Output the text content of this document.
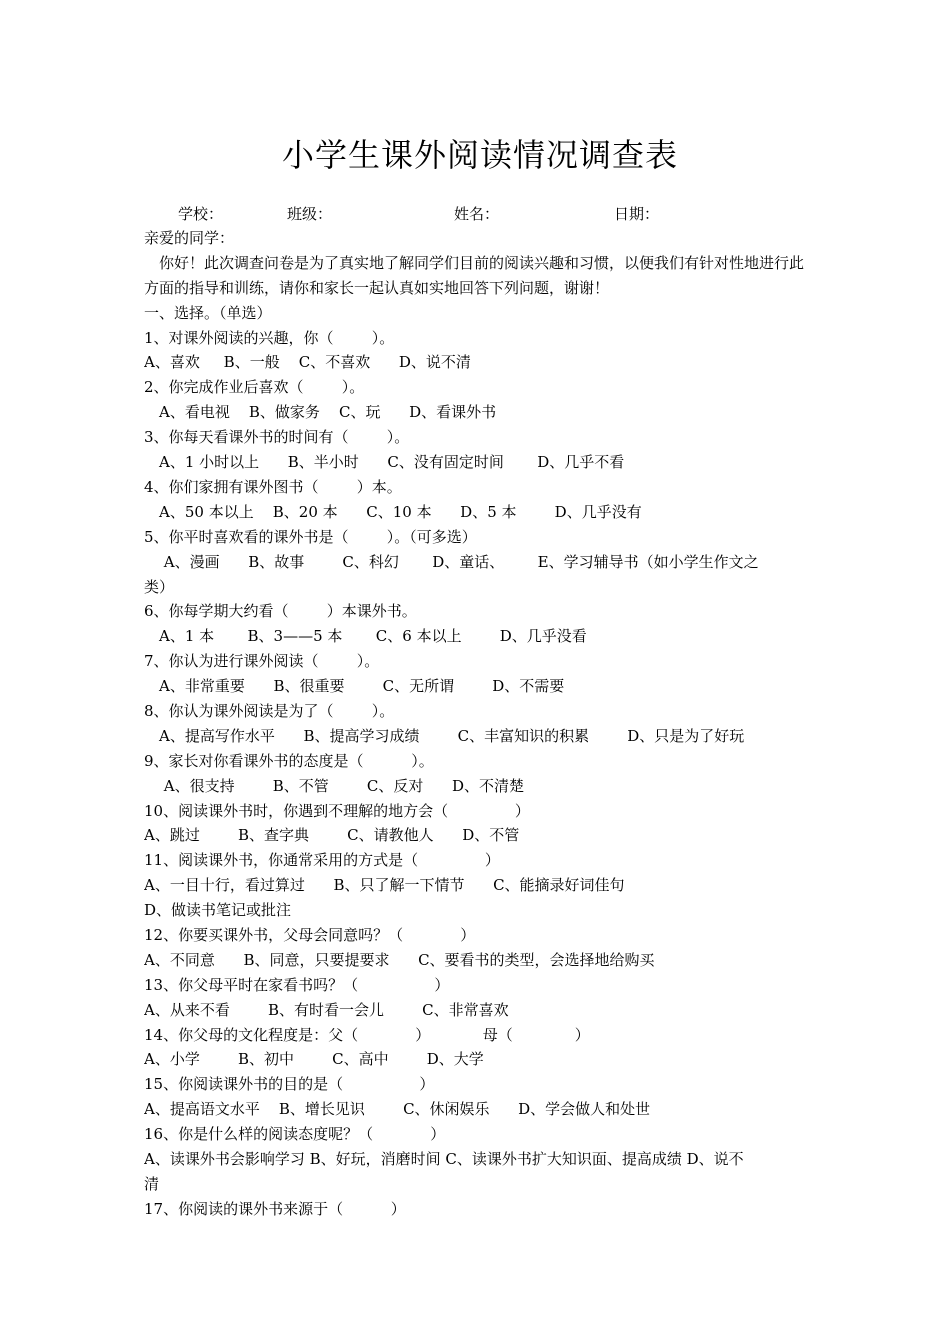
小学生课外阅读情况调查表
学校：	班级：	姓名：	日期：
亲爱的同学：
你好！此次调查问卷是为了真实地了解同学们目前的阅读兴趣和习惯，以便我们有针对性地进行此方面的指导和训练，请你和家长一起认真如实地回答下列问题，谢谢！
一、选择。（单选）
1、对课外阅读的兴趣，你（        ）。
A、喜欢     B、一般    C、不喜欢      D、说不清
2、你完成作业后喜欢（        ）。
A、看电视    B、做家务    C、玩      D、看课外书
3、你每天看课外书的时间有（        ）。
A、1 小时以上      B、半小时      C、没有固定时间       D、几乎不看
4、你们家拥有课外图书（        ）本。
A、50 本以上    B、20 本      C、10 本      D、5 本        D、几乎没有
5、你平时喜欢看的课外书是（        ）。（可多选）
A、漫画      B、故事        C、科幻       D、童话、       E、学习辅导书（如小学生作文之
类）
6、你每学期大约看（        ）本课外书。
A、1 本       B、3——5 本       C、6 本以上        D、几乎没看
7、你认为进行课外阅读（        ）。
A、非常重要      B、很重要        C、无所谓        D、不需要
8、你认为课外阅读是为了（        ）。
A、提高写作水平      B、提高学习成绩        C、丰富知识的积累        D、只是为了好玩
9、家长对你看课外书的态度是（          ）。
A、很支持        B、不管        C、反对      D、不清楚
10、阅读课外书时，你遇到不理解的地方会（              ）
A、跳过        B、查字典        C、请教他人      D、不管
11、阅读课外书，你通常采用的方式是（              ）
A、一目十行，看过算过      B、只了解一下情节      C、能摘录好词佳句
D、做读书笔记或批注
12、你要买课外书，父母会同意吗？（            ）
A、不同意      B、同意，只要提要求      C、要看书的类型，会选择地给购买
13、你父母平时在家看书吗？（                ）
A、从来不看        B、有时看一会儿        C、非常喜欢
14、你父母的文化程度是：父（            ）           母（             ）
A、小学        B、初中        C、高中        D、大学
15、你阅读课外书的目的是（                ）
A、提高语文水平    B、增长见识        C、休闲娱乐      D、学会做人和处世
16、你是什么样的阅读态度呢？（            ）
A、读课外书会影响学习 B、好玩，消磨时间 C、读课外书扩大知识面、提高成绩 D、说不
清
17、你阅读的课外书来源于（          ）
